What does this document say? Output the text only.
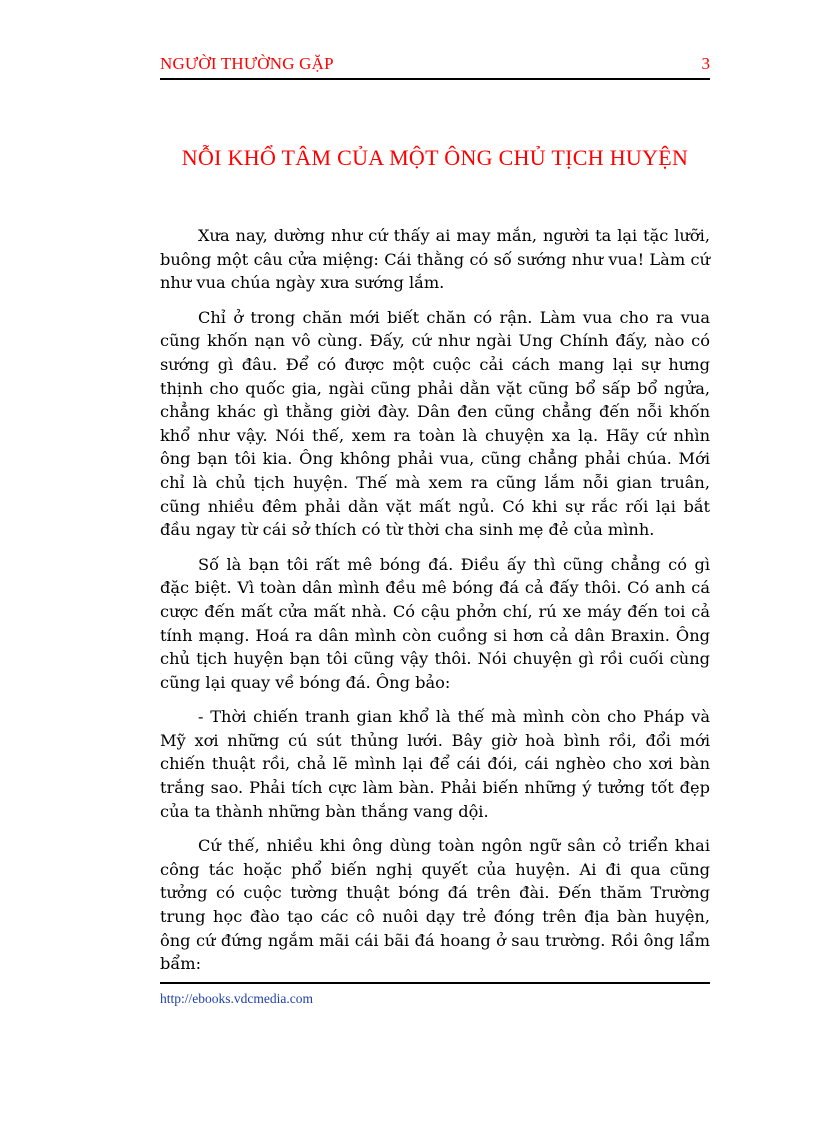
NGƯỜI THƯỜNG GẶP	3
NỖI KHỔ TÂM CỦA MỘT ÔNG CHỦ TỊCH HUYỆN

Xưa nay, dường như cứ thấy ai may mắn, người ta lại tặc lưỡi, buông một câu cửa miệng: Cái thằng có số sướng như vua! Làm cứ như vua chúa ngày xưa sướng lắm.

Chỉ ở trong chăn mới biết chăn có rận. Làm vua cho ra vua cũng khốn nạn vô cùng. Đấy, cứ như ngài Ung Chính đấy, nào có sướng gì đâu. Để có được một cuộc cải cách mang lại sự hưng thịnh cho quốc gia, ngài cũng phải dằn vặt cũng bổ sấp bổ ngửa, chẳng khác gì thằng giời đày. Dân đen cũng chẳng đến nỗi khốn khổ như vậy. Nói thế, xem ra toàn là chuyện xa lạ. Hãy cứ nhìn ông bạn tôi kia. Ông không phải vua, cũng chẳng phải chúa. Mới chỉ là chủ tịch huyện. Thế mà xem ra cũng lắm nỗi gian truân, cũng nhiều đêm phải dằn vặt mất ngủ. Có khi sự rắc rối lại bắt đầu ngay từ cái sở thích có từ thời cha sinh mẹ đẻ của mình.

Số là bạn tôi rất mê bóng đá. Điều ấy thì cũng chẳng có gì đặc biệt. Vì toàn dân mình đều mê bóng đá cả đấy thôi. Có anh cá cược đến mất cửa mất nhà. Có cậu phởn chí, rú xe máy đến toi cả tính mạng. Hoá ra dân mình còn cuồng si hơn cả dân Braxin. Ông chủ tịch huyện bạn tôi cũng vậy thôi. Nói chuyện gì rồi cuối cùng cũng lại quay về bóng đá. Ông bảo:

- Thời chiến tranh gian khổ là thế mà mình còn cho Pháp và Mỹ xơi những cú sút thủng lưới. Bây giờ hoà bình rồi, đổi mới chiến thuật rồi, chả lẽ mình lại để cái đói, cái nghèo cho xơi bàn trắng sao. Phải tích cực làm bàn. Phải biến những ý tưởng tốt đẹp của ta thành những bàn thắng vang dội.

Cứ thế, nhiều khi ông dùng toàn ngôn ngữ sân cỏ triển khai công tác hoặc phổ biến nghị quyết của huyện. Ai đi qua cũng tưởng có cuộc tường thuật bóng đá trên đài. Đến thăm Trường trung học đào tạo các cô nuôi dạy trẻ đóng trên địa bàn huyện, ông cứ đứng ngắm mãi cái bãi đá hoang ở sau trường. Rồi ông lẩm bẩm:

http://ebooks.vdcmedia.com
